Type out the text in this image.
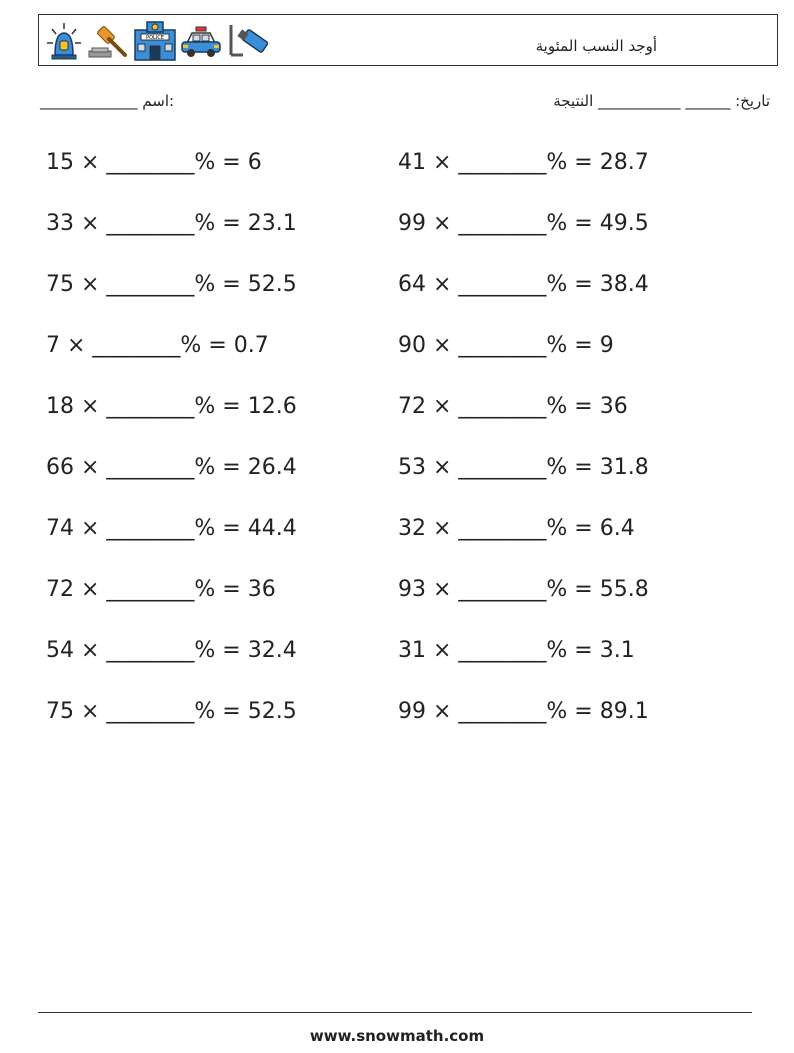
POLICE	أوجد النسب المئوية
_____________ اسم:	تاريخ: ______ ___________ النتيجة
15 × ________% = 6	41 × ________% = 28.7
33 × ________% = 23.1	99 × ________% = 49.5
75 × ________% = 52.5	64 × ________% = 38.4
7 × ________% = 0.7	90 × ________% = 9
18 × ________% = 12.6	72 × ________% = 36
66 × ________% = 26.4	53 × ________% = 31.8
74 × ________% = 44.4	32 × ________% = 6.4
72 × ________% = 36	93 × ________% = 55.8
54 × ________% = 32.4	31 × ________% = 3.1
75 × ________% = 52.5	99 × ________% = 89.1
www.snowmath.com
